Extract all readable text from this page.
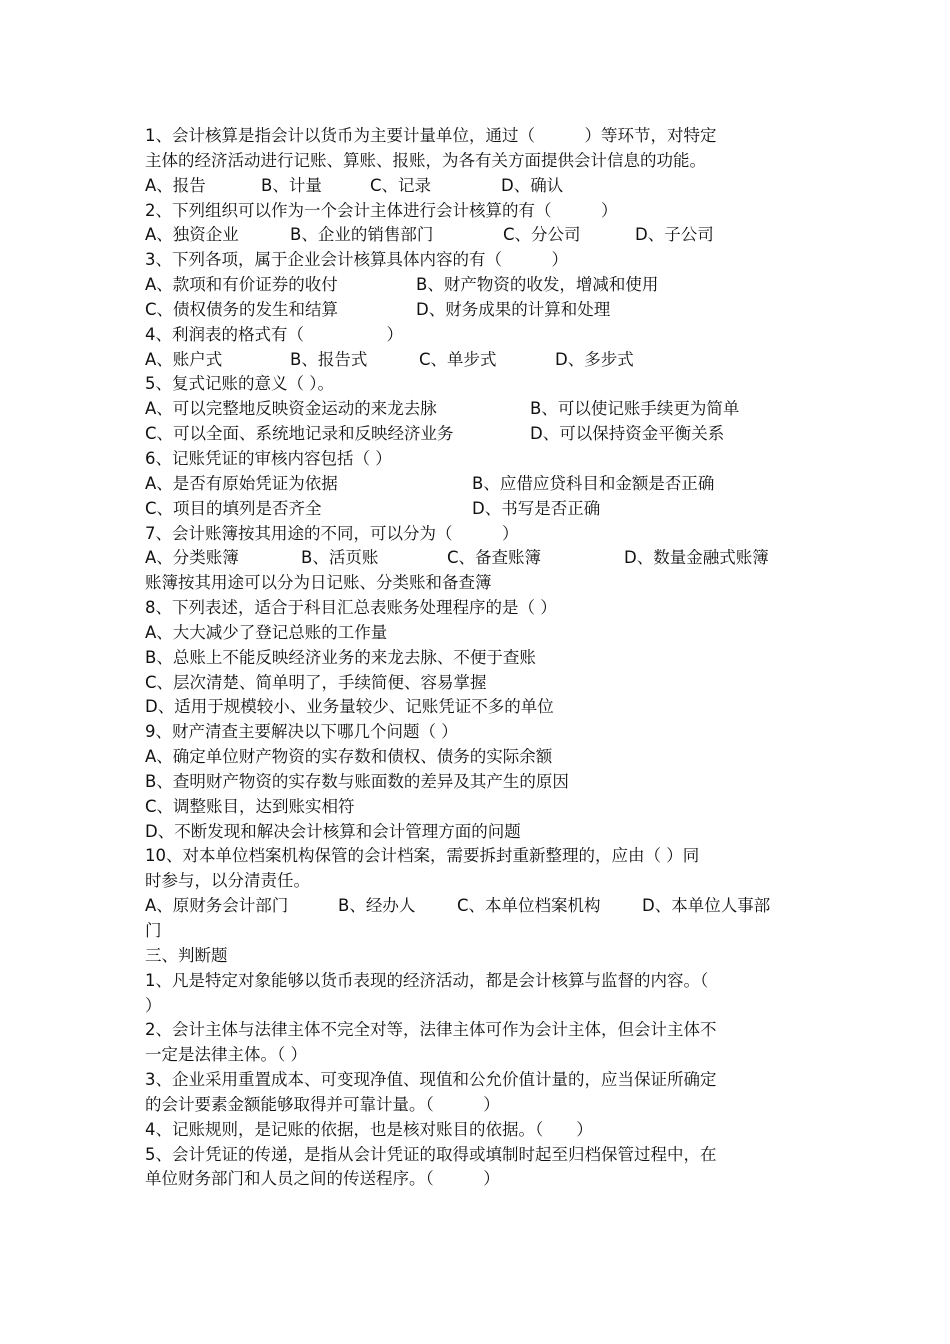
1、会计核算是指会计以货币为主要计量单位，通过（　　　）等环节，对特定
主体的经济活动进行记账、算账、报账，为各有关方面提供会计信息的功能。
A、报告	B、计量	C、记录	D、确认
2、下列组织可以作为一个会计主体进行会计核算的有（　　　）
A、独资企业	B、企业的销售部门	C、分公司	D、子公司
3、下列各项，属于企业会计核算具体内容的有（　　　）
A、款项和有价证券的收付	B、财产物资的收发，增减和使用
C、债权债务的发生和结算	D、财务成果的计算和处理
4、利润表的格式有（　　　　　）
A、账户式	B、报告式	C、单步式	D、多步式
5、复式记账的意义（ ）。
A、可以完整地反映资金运动的来龙去脉	B、可以使记账手续更为简单
C、可以全面、系统地记录和反映经济业务	D、可以保持资金平衡关系
6、记账凭证的审核内容包括（ ）
A、是否有原始凭证为依据	B、应借应贷科目和金额是否正确
C、项目的填列是否齐全	D、书写是否正确
7、会计账簿按其用途的不同，可以分为（　　　）
A、分类账簿	B、活页账	C、备查账簿	D、数量金融式账簿
账簿按其用途可以分为日记账、分类账和备查簿
8、下列表述，适合于科目汇总表账务处理程序的是（ ）
A、大大减少了登记总账的工作量
B、总账上不能反映经济业务的来龙去脉、不便于查账
C、层次清楚、简单明了，手续简便、容易掌握
D、适用于规模较小、业务量较少、记账凭证不多的单位
9、财产清查主要解决以下哪几个问题（ ）
A、确定单位财产物资的实存数和债权、债务的实际余额
B、查明财产物资的实存数与账面数的差异及其产生的原因
C、调整账目，达到账实相符
D、不断发现和解决会计核算和会计管理方面的问题
10、对本单位档案机构保管的会计档案，需要拆封重新整理的，应由（ ）同
时参与，以分清责任。
A、原财务会计部门	B、经办人	C、本单位档案机构	D、本单位人事部
门
三、判断题
1、凡是特定对象能够以货币表现的经济活动，都是会计核算与监督的内容。（
）
2、会计主体与法律主体不完全对等，法律主体可作为会计主体，但会计主体不
一定是法律主体。（ ）
3、企业采用重置成本、可变现净值、现值和公允价值计量的，应当保证所确定
的会计要素金额能够取得并可靠计量。（　　　）
4、记账规则，是记账的依据，也是核对账目的依据。（　　）
5、会计凭证的传递，是指从会计凭证的取得或填制时起至归档保管过程中，在
单位财务部门和人员之间的传送程序。（　　　）
